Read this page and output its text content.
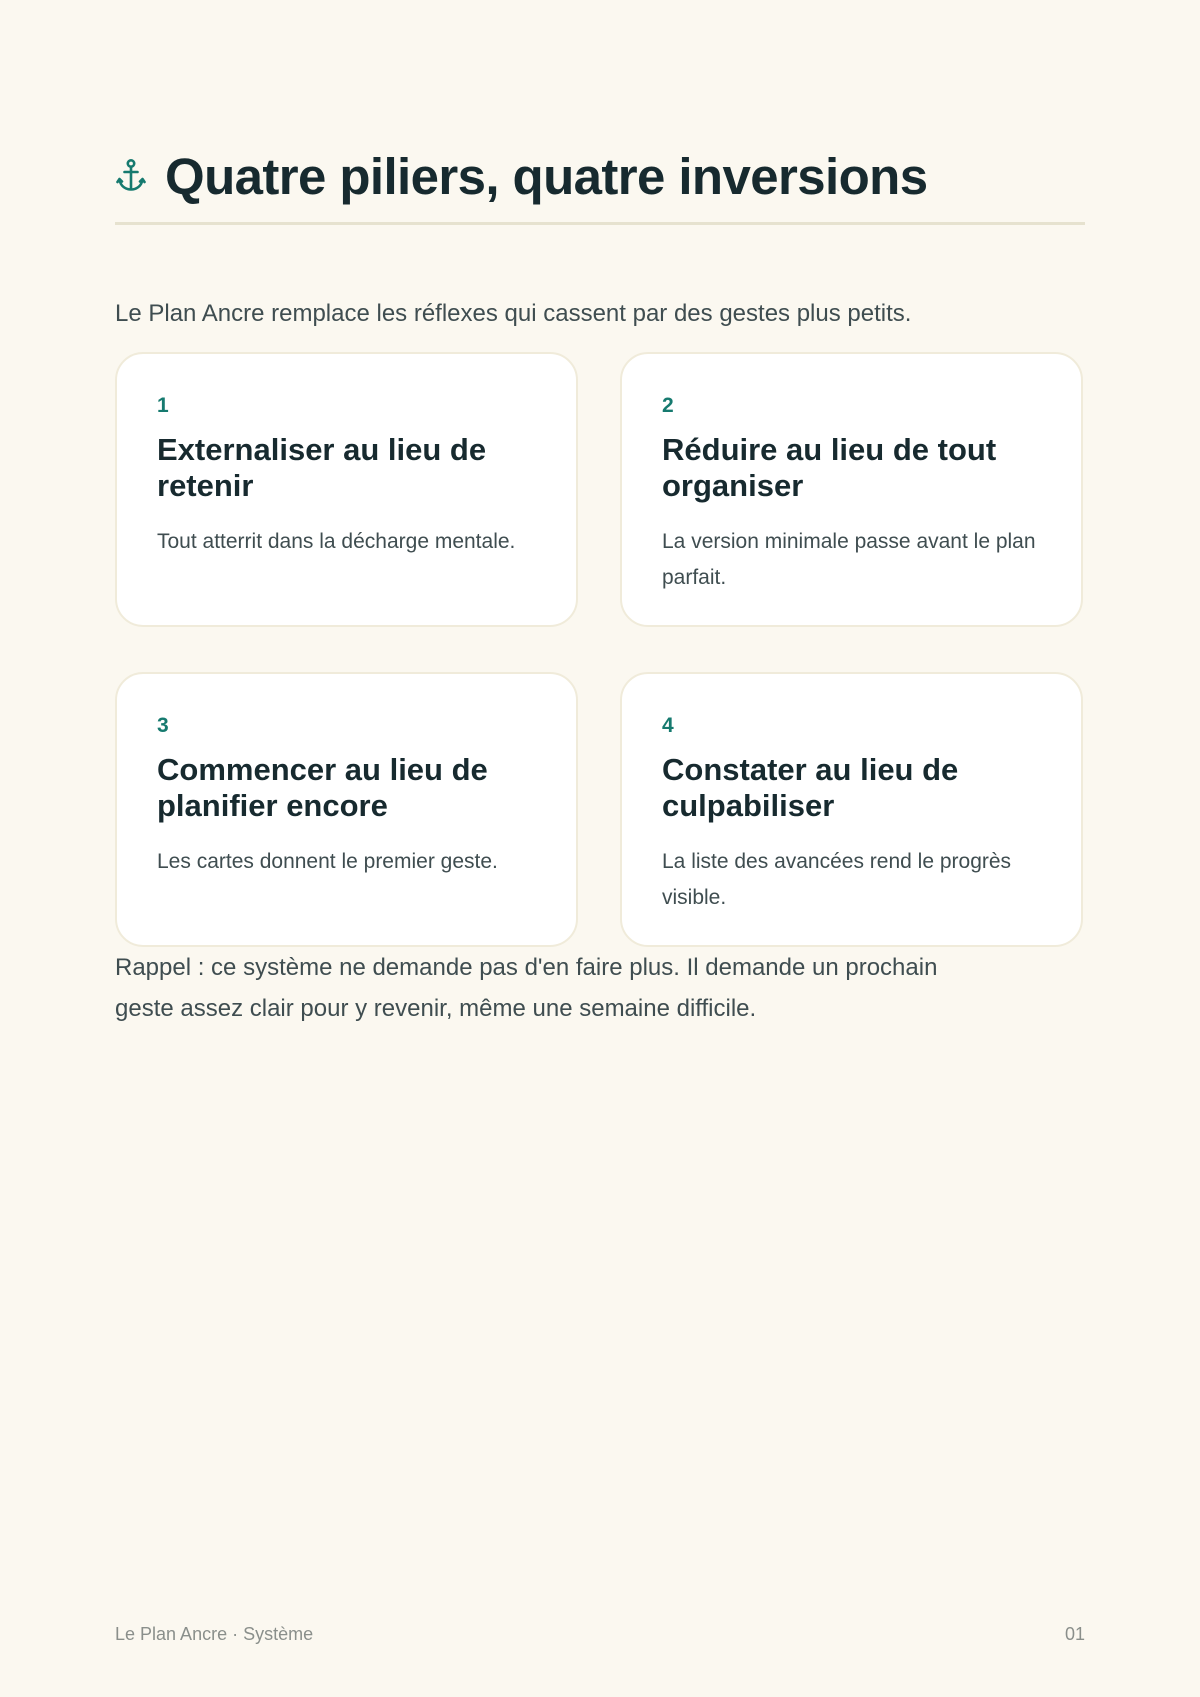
Quatre piliers, quatre inversions

Le Plan Ancre remplace les réflexes qui cassent par des gestes plus petits.

1
Externaliser au lieu de retenir
Tout atterrit dans la décharge mentale.
2
Réduire au lieu de tout organiser
La version minimale passe avant le plan parfait.
3
Commencer au lieu de planifier encore
Les cartes donnent le premier geste.
4
Constater au lieu de culpabiliser
La liste des avancées rend le progrès visible.

Rappel : ce système ne demande pas d'en faire plus. Il demande un prochain geste assez clair pour y revenir, même une semaine difficile.

Le Plan Ancre · Système	01
